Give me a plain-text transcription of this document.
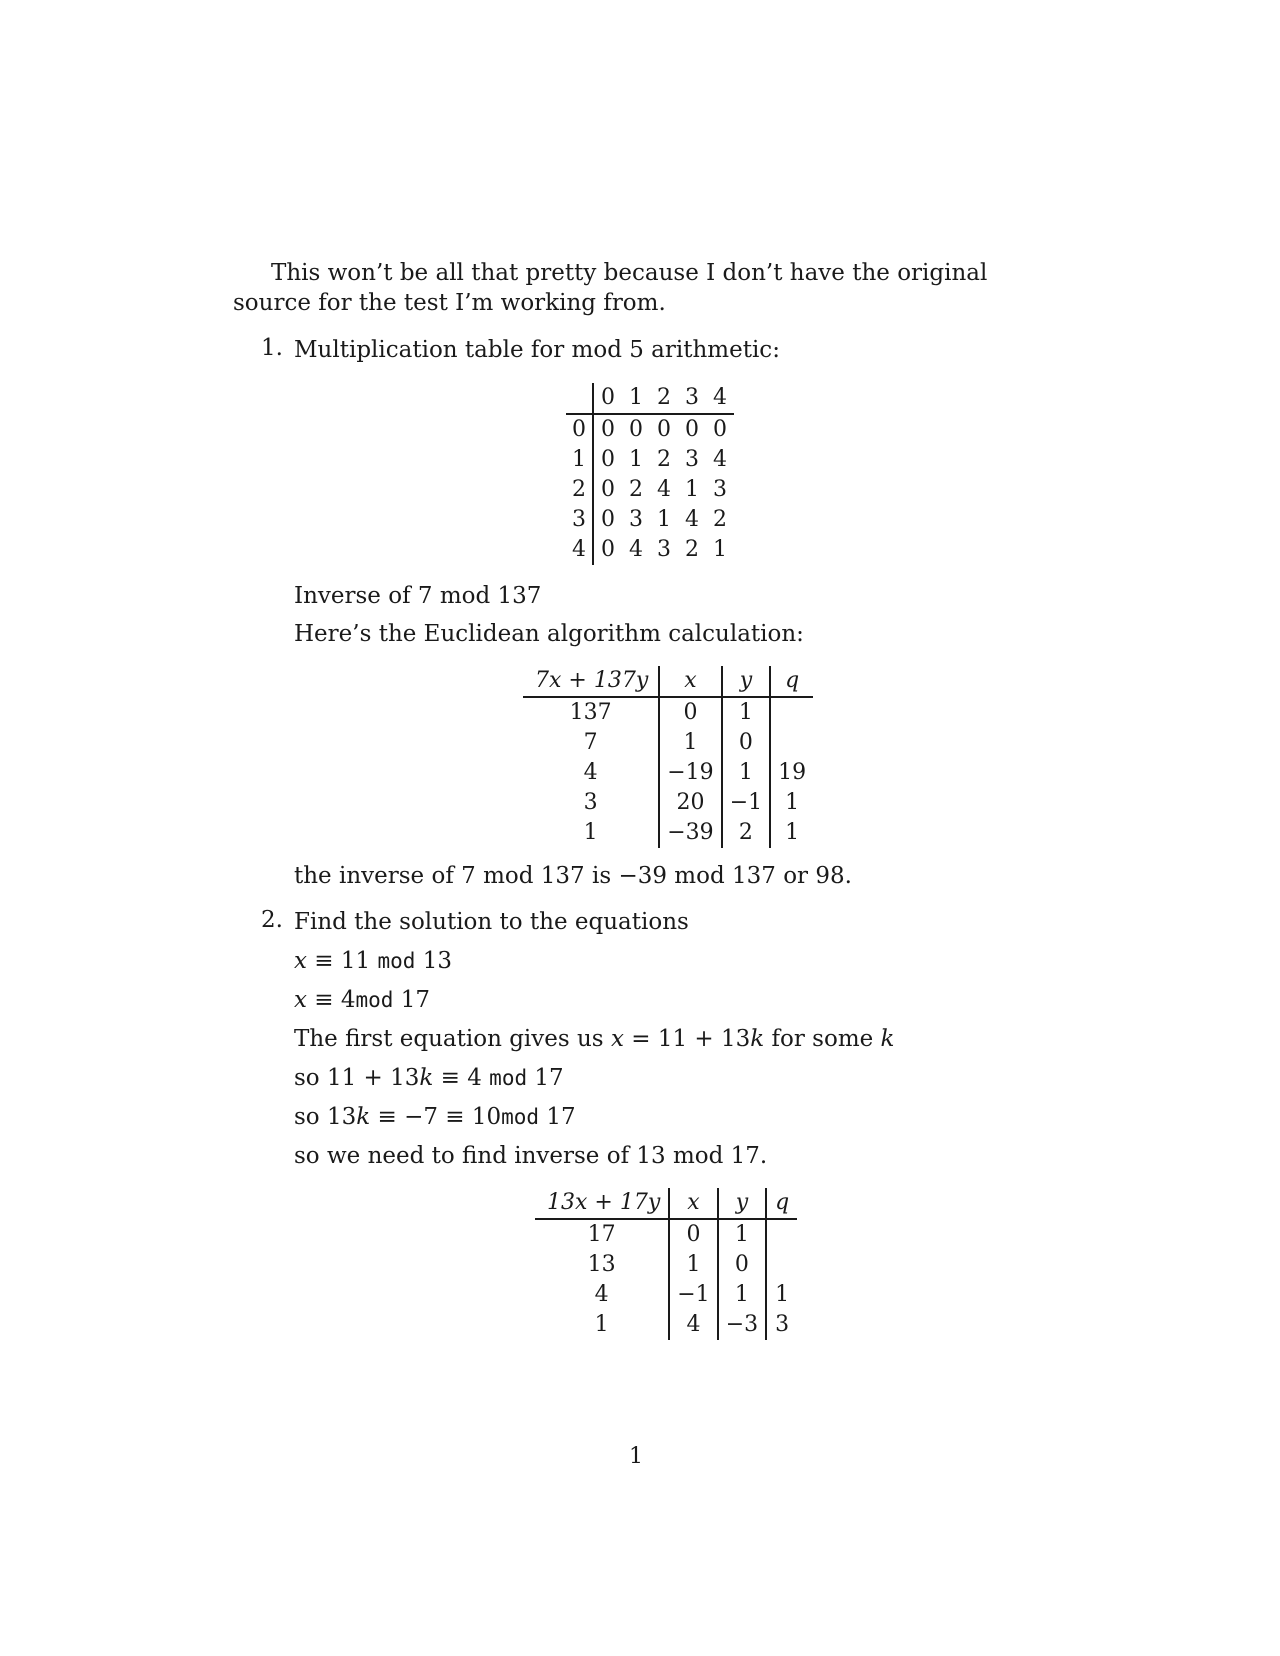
This won’t be all that pretty because I don’t have the original source for the test I’m working from.

1. Multiplication table for mod 5 arithmetic:

	0	1	2	3	4
0	0	0	0	0	0
1	0	1	2	3	4
2	0	2	4	1	3
3	0	3	1	4	2
4	0	4	3	2	1

Inverse of 7 mod 137

Here’s the Euclidean algorithm calculation:

7x + 137y	x	y	q
137	0	1	
7	1	0	
4	−19	1	19
3	20	−1	1
1	−39	2	1

the inverse of 7 mod 137 is −39 mod 137 or 98.

2. Find the solution to the equations

x ≡ 11 mod 13

x ≡ 4mod 17

The first equation gives us x = 11 + 13k for some k

so 11 + 13k ≡ 4 mod 17

so 13k ≡ −7 ≡ 10mod 17

so we need to find inverse of 13 mod 17.

13x + 17y	x	y	q
17	0	1	
13	1	0	
4	−1	1	1
1	4	−3	3
1
